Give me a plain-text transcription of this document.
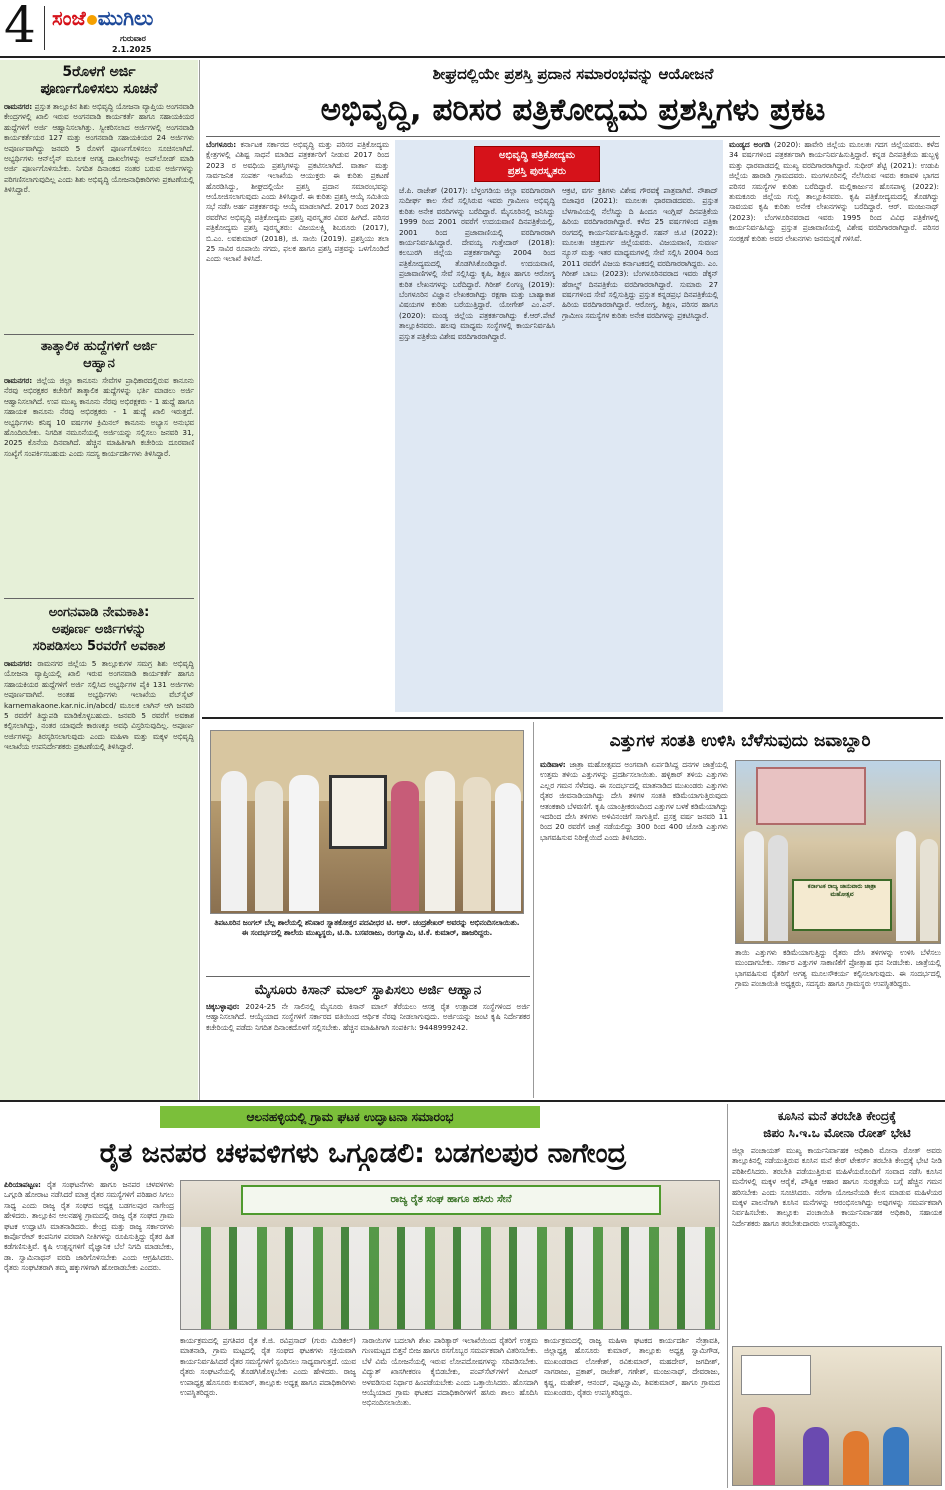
4 ಸಂಜೆ ಮುಗಿಲು
ಗುರುವಾರ
2.1.2025
5ರೊಳಗೆ ಅರ್ಜಿ
ಪೂರ್ಣಗೊಳಿಸಲು ಸೂಚನೆ
ರಾಮನಗರ: ಪ್ರಸ್ತುತ ತಾಲ್ಲೂಕಿನ ಶಿಶು ಅಭಿವೃದ್ಧಿ ಯೋಜನಾ ವ್ಯಾಪ್ತಿಯ ಅಂಗನವಾಡಿ ಕೇಂದ್ರಗಳಲ್ಲಿ ಖಾಲಿ ಇರುವ ಅಂಗನವಾಡಿ ಕಾರ್ಯಕರ್ತೆ ಹಾಗೂ ಸಹಾಯಕಿಯರ ಹುದ್ದೆಗಳಿಗೆ ಅರ್ಜಿ ಆಹ್ವಾನಿಸಲಾಗಿತ್ತು. ಸ್ವೀಕರಿಸಲಾದ ಅರ್ಜಿಗಳಲ್ಲಿ ಅಂಗನವಾಡಿ ಕಾರ್ಯಕರ್ತೆಯರ 127 ಮತ್ತು ಅಂಗನವಾಡಿ ಸಹಾಯಕಿಯರ 24 ಅರ್ಜಿಗಳು ಅಪೂರ್ಣವಾಗಿದ್ದು ಜನವರಿ 5 ರೊಳಗೆ ಪೂರ್ಣಗೊಳಿಸಲು ಸೂಚಿಸಲಾಗಿದೆ. ಅಭ್ಯರ್ಥಿಗಳು ಆನ್‌ಲೈನ್ ಮೂಲಕ ಅಗತ್ಯ ದಾಖಲೆಗಳನ್ನು ಅಪ್‌ಲೋಡ್ ಮಾಡಿ ಅರ್ಜಿ ಪೂರ್ಣಗೊಳಿಸಬೇಕು. ನಿಗದಿತ ದಿನಾಂಕದ ನಂತರ ಬರುವ ಅರ್ಜಿಗಳನ್ನು ಪರಿಗಣಿಸಲಾಗುವುದಿಲ್ಲ ಎಂದು ಶಿಶು ಅಭಿವೃದ್ಧಿ ಯೋಜನಾಧಿಕಾರಿಗಳು ಪ್ರಕಟಣೆಯಲ್ಲಿ ತಿಳಿಸಿದ್ದಾರೆ.
ತಾತ್ಕಾಲಿಕ ಹುದ್ದೆಗಳಿಗೆ ಅರ್ಜಿ
ಆಹ್ವಾನ
ರಾಮನಗರ: ಜಿಲ್ಲೆಯ ಜಿಲ್ಲಾ ಕಾನೂನು ಸೇವೆಗಳ ಪ್ರಾಧಿಕಾರದಲ್ಲಿರುವ ಕಾನೂನು ನೆರವು ಅಭಿರಕ್ಷಕರ ಕಚೇರಿಗೆ ತಾತ್ಕಾಲಿಕ ಹುದ್ದೆಗಳನ್ನು ಭರ್ತಿ ಮಾಡಲು ಅರ್ಜಿ ಆಹ್ವಾನಿಸಲಾಗಿದೆ. ಉಪ ಮುಖ್ಯ ಕಾನೂನು ನೆರವು ಅಭಿರಕ್ಷಕರು - 1 ಹುದ್ದೆ ಹಾಗೂ ಸಹಾಯಕ ಕಾನೂನು ನೆರವು ಅಭಿರಕ್ಷಕರು - 1 ಹುದ್ದೆ ಖಾಲಿ ಇರುತ್ತದೆ. ಅಭ್ಯರ್ಥಿಗಳು ಕನಿಷ್ಠ 10 ವರ್ಷಗಳ ಕ್ರಿಮಿನಲ್ ಕಾನೂನು ಅಭ್ಯಾಸ ಅನುಭವ ಹೊಂದಿರಬೇಕು. ನಿಗದಿತ ನಮೂನೆಯಲ್ಲಿ ಅರ್ಜಿಯನ್ನು ಸಲ್ಲಿಸಲು ಜನವರಿ 31, 2025 ಕೊನೆಯ ದಿನವಾಗಿದೆ. ಹೆಚ್ಚಿನ ಮಾಹಿತಿಗಾಗಿ ಕಚೇರಿಯ ದೂರವಾಣಿ ಸಂಖ್ಯೆಗೆ ಸಂಪರ್ಕಿಸಬಹುದು ಎಂದು ಸದಸ್ಯ ಕಾರ್ಯದರ್ಶಿಗಳು ತಿಳಿಸಿದ್ದಾರೆ.
ಅಂಗನವಾಡಿ ನೇಮಕಾತಿ:
ಅಪೂರ್ಣ ಅರ್ಜಿಗಳನ್ನು
ಸರಿಪಡಿಸಲು 5ರವರೆಗೆ ಅವಕಾಶ
ರಾಮನಗರ: ರಾಮನಗರ ಜಿಲ್ಲೆಯ 5 ತಾಲ್ಲೂಕುಗಳ ಸಮಗ್ರ ಶಿಶು ಅಭಿವೃದ್ಧಿ ಯೋಜನಾ ವ್ಯಾಪ್ತಿಯಲ್ಲಿ ಖಾಲಿ ಇರುವ ಅಂಗನವಾಡಿ ಕಾರ್ಯಕರ್ತೆ ಹಾಗೂ ಸಹಾಯಕಿಯರ ಹುದ್ದೆಗಳಿಗೆ ಅರ್ಜಿ ಸಲ್ಲಿಸಿದ ಅಭ್ಯರ್ಥಿಗಳ ಪೈಕಿ 131 ಅರ್ಜಿಗಳು ಅಪೂರ್ಣವಾಗಿವೆ. ಅಂತಹ ಅಭ್ಯರ್ಥಿಗಳು ಇಲಾಖೆಯ ವೆಬ್‌ಸೈಟ್ karnemakaone.kar.nic.in/abcd/ ಮೂಲಕ ಲಾಗಿನ್ ಆಗಿ ಜನವರಿ 5 ರವರೆಗೆ ತಿದ್ದುಪಡಿ ಮಾಡಿಕೊಳ್ಳಬಹುದು. ಜನವರಿ 5 ರವರೆಗೆ ಅವಕಾಶ ಕಲ್ಪಿಸಲಾಗಿದ್ದು, ನಂತರ ಯಾವುದೇ ಕಾರಣಕ್ಕೂ ಅವಧಿ ವಿಸ್ತರಿಸುವುದಿಲ್ಲ. ಅಪೂರ್ಣ ಅರ್ಜಿಗಳನ್ನು ತಿರಸ್ಕರಿಸಲಾಗುವುದು ಎಂದು ಮಹಿಳಾ ಮತ್ತು ಮಕ್ಕಳ ಅಭಿವೃದ್ಧಿ ಇಲಾಖೆಯ ಉಪನಿರ್ದೇಶಕರು ಪ್ರಕಟಣೆಯಲ್ಲಿ ತಿಳಿಸಿದ್ದಾರೆ.
ಶೀಘ್ರದಲ್ಲಿಯೇ ಪ್ರಶಸ್ತಿ ಪ್ರದಾನ ಸಮಾರಂಭವನ್ನು ಆಯೋಜನೆ
ಅಭಿವೃದ್ಧಿ, ಪರಿಸರ ಪತ್ರಿಕೋದ್ಯಮ ಪ್ರಶಸ್ತಿಗಳು ಪ್ರಕಟ
ಬೆಂಗಳೂರು: ಕರ್ನಾಟಕ ಸರ್ಕಾರದ ಅಭಿವೃದ್ಧಿ ಮತ್ತು ಪರಿಸರ ಪತ್ರಿಕೋದ್ಯಮ ಕ್ಷೇತ್ರಗಳಲ್ಲಿ ವಿಶಿಷ್ಟ ಸಾಧನೆ ಮಾಡಿದ ಪತ್ರಕರ್ತರಿಗೆ ನೀಡುವ 2017 ರಿಂದ 2023 ರ ಅವಧಿಯ ಪ್ರಶಸ್ತಿಗಳನ್ನು ಪ್ರಕಟಿಸಲಾಗಿದೆ. ವಾರ್ತಾ ಮತ್ತು ಸಾರ್ವಜನಿಕ ಸಂಪರ್ಕ ಇಲಾಖೆಯ ಆಯುಕ್ತರು ಈ ಕುರಿತು ಪ್ರಕಟಣೆ ಹೊರಡಿಸಿದ್ದು, ಶೀಘ್ರದಲ್ಲಿಯೇ ಪ್ರಶಸ್ತಿ ಪ್ರದಾನ ಸಮಾರಂಭವನ್ನು ಆಯೋಜಿಸಲಾಗುವುದು ಎಂದು ತಿಳಿಸಿದ್ದಾರೆ. ಈ ಕುರಿತು ಪ್ರಶಸ್ತಿ ಆಯ್ಕೆ ಸಮಿತಿಯ ಸಭೆ ನಡೆಸಿ ಅರ್ಹ ಪತ್ರಕರ್ತರನ್ನು ಆಯ್ಕೆ ಮಾಡಲಾಗಿದೆ. 2017 ರಿಂದ 2023 ರವರೆಗಿನ ಅಭಿವೃದ್ಧಿ ಪತ್ರಿಕೋದ್ಯಮ ಪ್ರಶಸ್ತಿ ಪುರಸ್ಕೃತರ ವಿವರ ಹೀಗಿದೆ. ಪರಿಸರ ಪತ್ರಿಕೋದ್ಯಮ ಪ್ರಶಸ್ತಿ ಪುರಸ್ಕೃತರು: ವಿಜಯಲಕ್ಷ್ಮಿ ಶಿಬರೂರು (2017), ಬಿ.ಎಂ. ಲವಕುಮಾರ್ (2018), ಜಿ. ಸಾಯಿ (2019). ಪ್ರಶಸ್ತಿಯು ತಲಾ 25 ಸಾವಿರ ರೂಪಾಯಿ ನಗದು, ಫಲಕ ಹಾಗೂ ಪ್ರಶಸ್ತಿ ಪತ್ರವನ್ನು ಒಳಗೊಂಡಿದೆ ಎಂದು ಇಲಾಖೆ ತಿಳಿಸಿದೆ.
ಅಭಿವೃದ್ಧಿ ಪತ್ರಿಕೋದ್ಯಮ
ಪ್ರಶಸ್ತಿ ಪುರಸ್ಕೃತರು
ಜೆ.ಪಿ. ರಾಜೇಶ್ (2017): ಬೆಳ್ತಂಗಡಿಯ ಜಿಲ್ಲಾ ವರದಿಗಾರರಾಗಿ ಸುದೀರ್ಘ ಕಾಲ ಸೇವೆ ಸಲ್ಲಿಸಿರುವ ಇವರು ಗ್ರಾಮೀಣ ಅಭಿವೃದ್ಧಿ ಕುರಿತು ಅನೇಕ ವರದಿಗಳನ್ನು ಬರೆದಿದ್ದಾರೆ. ಮೈಸೂರಿನಲ್ಲಿ ಜನಿಸಿದ್ದು 1999 ರಿಂದ 2001 ರವರೆಗೆ ಉದಯವಾಣಿ ದಿನಪತ್ರಿಕೆಯಲ್ಲಿ, 2001 ರಿಂದ ಪ್ರಜಾವಾಣಿಯಲ್ಲಿ ವರದಿಗಾರರಾಗಿ ಕಾರ್ಯನಿರ್ವಹಿಸಿದ್ದಾರೆ. ದೇವಯ್ಯ ಗುತ್ತೇದಾರ್ (2018): ಕಲಬುರಗಿ ಜಿಲ್ಲೆಯ ಪತ್ರಕರ್ತರಾಗಿದ್ದು 2004 ರಿಂದ ಪತ್ರಿಕೋದ್ಯಮದಲ್ಲಿ ತೊಡಗಿಸಿಕೊಂಡಿದ್ದಾರೆ. ಉದಯವಾಣಿ, ಪ್ರಜಾವಾಣಿಗಳಲ್ಲಿ ಸೇವೆ ಸಲ್ಲಿಸಿದ್ದು ಕೃಷಿ, ಶಿಕ್ಷಣ ಹಾಗೂ ಆರೋಗ್ಯ ಕುರಿತ ಲೇಖನಗಳನ್ನು ಬರೆದಿದ್ದಾರೆ. ಗಿರೀಶ್ ಲಿಂಗಣ್ಣ (2019): ಬೆಂಗಳೂರಿನ ವಿಜ್ಞಾನ ಲೇಖಕರಾಗಿದ್ದು ರಕ್ಷಣಾ ಮತ್ತು ಬಾಹ್ಯಾಕಾಶ ವಿಷಯಗಳ ಕುರಿತು ಬರೆಯುತ್ತಿದ್ದಾರೆ. ಯೋಗೇಶ್ ಎಂ.ಎನ್. (2020): ಮಂಡ್ಯ ಜಿಲ್ಲೆಯ ಪತ್ರಕರ್ತರಾಗಿದ್ದು ಕೆ.ಆರ್.ಪೇಟೆ ತಾಲ್ಲೂಕಿನವರು. ಹಲವು ಮಾಧ್ಯಮ ಸಂಸ್ಥೆಗಳಲ್ಲಿ ಕಾರ್ಯನಿರ್ವಹಿಸಿ ಪ್ರಸ್ತುತ ಪತ್ರಿಕೆಯ ವಿಶೇಷ ವರದಿಗಾರರಾಗಿದ್ದಾರೆ.
ಆಕ್ರಟಿ, ವರ್ಗ ಕ್ರತಿಗಳು ವಿಶೇಷ ಗೌರವಕ್ಕೆ ಪಾತ್ರವಾಗಿವೆ. ನೌಶಾದ್ ಬಿಜಾಪುರ (2021): ಮೂಲತಃ ಧಾರವಾಡದವರು. ಪ್ರಸ್ತುತ ಬೆಳಗಾವಿಯಲ್ಲಿ ನೆಲೆಸಿದ್ದು ದಿ ಹಿಂದೂ ಇಂಗ್ಲಿಷ್ ದಿನಪತ್ರಿಕೆಯ ಹಿರಿಯ ವರದಿಗಾರರಾಗಿದ್ದಾರೆ. ಕಳೆದ 25 ವರ್ಷಗಳಿಂದ ಪತ್ರಿಕಾ ರಂಗದಲ್ಲಿ ಕಾರ್ಯನಿರ್ವಹಿಸುತ್ತಿದ್ದಾರೆ. ಸಹನ್ ಜಿ.ಟಿ (2022): ಮೂಲತಃ ಚಿತ್ರದುರ್ಗ ಜಿಲ್ಲೆಯವರು. ವಿಜಯವಾಣಿ, ಸುವರ್ಣ ನ್ಯೂಸ್ ಮತ್ತು ಇತರ ಮಾಧ್ಯಮಗಳಲ್ಲಿ ಸೇವೆ ಸಲ್ಲಿಸಿ 2004 ರಿಂದ 2011 ರವರೆಗೆ ವಿಜಯ ಕರ್ನಾಟಕದಲ್ಲಿ ವರದಿಗಾರರಾಗಿದ್ದರು. ಎಂ. ಗಿರೀಶ್ ಬಾಬು (2023): ಬೆಂಗಳೂರಿನವರಾದ ಇವರು ಡೆಕ್ಕನ್ ಹೆರಾಲ್ಡ್ ದಿನಪತ್ರಿಕೆಯ ವರದಿಗಾರರಾಗಿದ್ದಾರೆ. ಸುಮಾರು 27 ವರ್ಷಗಳಿಂದ ಸೇವೆ ಸಲ್ಲಿಸುತ್ತಿದ್ದು ಪ್ರಸ್ತುತ ಕನ್ನಡಪ್ರಭ ದಿನಪತ್ರಿಕೆಯಲ್ಲಿ ಹಿರಿಯ ವರದಿಗಾರರಾಗಿದ್ದಾರೆ. ಆರೋಗ್ಯ, ಶಿಕ್ಷಣ, ಪರಿಸರ ಹಾಗೂ ಗ್ರಾಮೀಣ ಸಮಸ್ಯೆಗಳ ಕುರಿತು ಅನೇಕ ವರದಿಗಳನ್ನು ಪ್ರಕಟಿಸಿದ್ದಾರೆ.
ಮಂಡ್ಯದ ಅಂಗಡಿ (2020): ಹಾವೇರಿ ಜಿಲ್ಲೆಯ ಮೂಲತಃ ಗದಗ ಜಿಲ್ಲೆಯವರು. ಕಳೆದ 34 ವರ್ಷಗಳಿಂದ ಪತ್ರಕರ್ತರಾಗಿ ಕಾರ್ಯನಿರ್ವಹಿಸುತ್ತಿದ್ದಾರೆ. ಕನ್ನಡ ದಿನಪತ್ರಿಕೆಯ ಹುಬ್ಬಳ್ಳಿ ಮತ್ತು ಧಾರವಾಡದಲ್ಲಿ ಮುಖ್ಯ ವರದಿಗಾರರಾಗಿದ್ದಾರೆ. ಸುಧೀರ್ ಶೆಟ್ಟಿ (2021): ಉಡುಪಿ ಜಿಲ್ಲೆಯ ಹಾರಾಡಿ ಗ್ರಾಮದವರು. ಮಂಗಳೂರಿನಲ್ಲಿ ನೆಲೆಸಿರುವ ಇವರು ಕರಾವಳಿ ಭಾಗದ ಪರಿಸರ ಸಮಸ್ಯೆಗಳ ಕುರಿತು ಬರೆದಿದ್ದಾರೆ. ಮಲ್ಲಿಕಾರ್ಜುನ ಹೊಸಪಾಳ್ಯ (2022): ತುಮಕೂರು ಜಿಲ್ಲೆಯ ಗುಬ್ಬಿ ತಾಲ್ಲೂಕಿನವರು. ಕೃಷಿ ಪತ್ರಿಕೋದ್ಯಮದಲ್ಲಿ ತೊಡಗಿದ್ದು ಸಾವಯವ ಕೃಷಿ ಕುರಿತು ಅನೇಕ ಲೇಖನಗಳನ್ನು ಬರೆದಿದ್ದಾರೆ. ಆರ್. ಮಂಜುನಾಥ್ (2023): ಬೆಂಗಳೂರಿನವರಾದ ಇವರು 1995 ರಿಂದ ವಿವಿಧ ಪತ್ರಿಕೆಗಳಲ್ಲಿ ಕಾರ್ಯನಿರ್ವಹಿಸಿದ್ದು ಪ್ರಸ್ತುತ ಪ್ರಜಾವಾಣಿಯಲ್ಲಿ ವಿಶೇಷ ವರದಿಗಾರರಾಗಿದ್ದಾರೆ. ಪರಿಸರ ಸಂರಕ್ಷಣೆ ಕುರಿತು ಅವರ ಲೇಖನಗಳು ಜನಮನ್ನಣೆ ಗಳಿಸಿವೆ.
ತಿಪಟೂರಿನ ಜಂಗಲ್ ಬೆಲ್ಲ ಶಾಲೆಯಲ್ಲಿ ಶನಿವಾರ ಸ್ನಾತಕೋತ್ತರ ಪದವೀಧರ ಟಿ. ಆರ್. ಚಂದ್ರಶೇಖರ್ ಅವರನ್ನು ಅಭಿನಂದಿಸಲಾಯಿತು.
ಈ ಸಂದರ್ಭದಲ್ಲಿ ಶಾಲೆಯ ಮುಖ್ಯಸ್ಥರು, ಟಿ.ಡಿ. ಬಸವರಾಜು, ರಂಗಸ್ವಾಮಿ, ಟಿ.ಕೆ. ಕುಮಾರ್, ಹಾಜರಿದ್ದರು.
ಮೈಸೂರು ಕಿಸಾನ್ ಮಾಲ್ ಸ್ಥಾಪಿಸಲು ಅರ್ಜಿ ಆಹ್ವಾನ
ಚಿಕ್ಕಬಳ್ಳಾಪುರ: 2024-25 ನೇ ಸಾಲಿನಲ್ಲಿ ಮೈಸೂರು ಕಿಸಾನ್ ಮಾಲ್ ತೆರೆಯಲು ಆಸಕ್ತ ರೈತ ಉತ್ಪಾದಕ ಸಂಸ್ಥೆಗಳಿಂದ ಅರ್ಜಿ ಆಹ್ವಾನಿಸಲಾಗಿದೆ. ಆಯ್ಕೆಯಾದ ಸಂಸ್ಥೆಗಳಿಗೆ ಸರ್ಕಾರದ ವತಿಯಿಂದ ಆರ್ಥಿಕ ನೆರವು ನೀಡಲಾಗುವುದು. ಅರ್ಜಿಯನ್ನು ಜಂಟಿ ಕೃಷಿ ನಿರ್ದೇಶಕರ ಕಚೇರಿಯಲ್ಲಿ ಪಡೆದು ನಿಗದಿತ ದಿನಾಂಕದೊಳಗೆ ಸಲ್ಲಿಸಬೇಕು. ಹೆಚ್ಚಿನ ಮಾಹಿತಿಗಾಗಿ ಸಂಪರ್ಕಿಸಿ: 9448999242.
ಎತ್ತುಗಳ ಸಂತತಿ ಉಳಿಸಿ ಬೆಳೆಸುವುದು ಜವಾಬ್ದಾರಿ
ಮಡಿವಾಳ: ಜಾತ್ರಾ ಮಹೋತ್ಸವದ ಅಂಗವಾಗಿ ಏರ್ಪಡಿಸಿದ್ದ ದನಗಳ ಜಾತ್ರೆಯಲ್ಲಿ ಉತ್ತಮ ತಳಿಯ ಎತ್ತುಗಳನ್ನು ಪ್ರದರ್ಶಿಸಲಾಯಿತು. ಹಳ್ಳಿಕಾರ್ ತಳಿಯ ಎತ್ತುಗಳು ಎಲ್ಲರ ಗಮನ ಸೆಳೆದವು. ಈ ಸಂದರ್ಭದಲ್ಲಿ ಮಾತನಾಡಿದ ಮುಖಂಡರು ಎತ್ತುಗಳು ರೈತರ ಜೀವನಾಡಿಯಾಗಿದ್ದು ದೇಸಿ ತಳಿಗಳ ಸಂತತಿ ಕಡಿಮೆಯಾಗುತ್ತಿರುವುದು ಆತಂಕಕಾರಿ ಬೆಳವಣಿಗೆ. ಕೃಷಿ ಯಾಂತ್ರೀಕರಣದಿಂದ ಎತ್ತುಗಳ ಬಳಕೆ ಕಡಿಮೆಯಾಗಿದ್ದು ಇದರಿಂದ ದೇಸಿ ತಳಿಗಳು ಅಳಿವಿನಂಚಿಗೆ ಸಾಗುತ್ತಿವೆ. ಪ್ರಸಕ್ತ ವರ್ಷ ಜನವರಿ 11 ರಿಂದ 20 ರವರೆಗೆ ಜಾತ್ರೆ ನಡೆಯಲಿದ್ದು 300 ರಿಂದ 400 ಜೋಡಿ ಎತ್ತುಗಳು ಭಾಗವಹಿಸುವ ನಿರೀಕ್ಷೆಯಿದೆ ಎಂದು ತಿಳಿಸಿದರು.
ಕರ್ನಾಟಕ ರಾಜ್ಯ ಜಾನುವಾರು ಜಾತ್ರಾ ಮಹೋತ್ಸವ
ತಾಯಿ ಎತ್ತುಗಳು ಕಡಿಮೆಯಾಗುತ್ತಿದ್ದು ರೈತರು ದೇಸಿ ತಳಿಗಳನ್ನು ಉಳಿಸಿ ಬೆಳೆಸಲು ಮುಂದಾಗಬೇಕು. ಸರ್ಕಾರ ಎತ್ತುಗಳ ಸಾಕಾಣಿಕೆಗೆ ಪ್ರೋತ್ಸಾಹ ಧನ ನೀಡಬೇಕು. ಜಾತ್ರೆಯಲ್ಲಿ ಭಾಗವಹಿಸುವ ರೈತರಿಗೆ ಅಗತ್ಯ ಮೂಲಸೌಕರ್ಯ ಕಲ್ಪಿಸಲಾಗುವುದು. ಈ ಸಂದರ್ಭದಲ್ಲಿ ಗ್ರಾಮ ಪಂಚಾಯಿತಿ ಅಧ್ಯಕ್ಷರು, ಸದಸ್ಯರು ಹಾಗೂ ಗ್ರಾಮಸ್ಥರು ಉಪಸ್ಥಿತರಿದ್ದರು.
ಆಲನಹಳ್ಳಿಯಲ್ಲಿ ಗ್ರಾಮ ಘಟಕ ಉದ್ಘಾಟನಾ ಸಮಾರಂಭ
ರೈತ ಜನಪರ ಚಳವಳಿಗಳು ಒಗ್ಗೂಡಲಿ: ಬಡಗಲಪುರ ನಾಗೇಂದ್ರ
ಪಿರಿಯಾಪಟ್ಟಣ: ರೈತ ಸಂಘಟನೆಗಳು ಹಾಗೂ ಜನಪರ ಚಳವಳಿಗಳು ಒಗ್ಗೂಡಿ ಹೋರಾಟ ನಡೆಸಿದರೆ ಮಾತ್ರ ರೈತರ ಸಮಸ್ಯೆಗಳಿಗೆ ಪರಿಹಾರ ಸಿಗಲು ಸಾಧ್ಯ ಎಂದು ರಾಜ್ಯ ರೈತ ಸಂಘದ ಅಧ್ಯಕ್ಷ ಬಡಗಲಪುರ ನಾಗೇಂದ್ರ ಹೇಳಿದರು. ತಾಲ್ಲೂಕಿನ ಆಲನಹಳ್ಳಿ ಗ್ರಾಮದಲ್ಲಿ ರಾಜ್ಯ ರೈತ ಸಂಘದ ಗ್ರಾಮ ಘಟಕ ಉದ್ಘಾಟಿಸಿ ಮಾತನಾಡಿದರು. ಕೇಂದ್ರ ಮತ್ತು ರಾಜ್ಯ ಸರ್ಕಾರಗಳು ಕಾರ್ಪೊರೇಟ್ ಕಂಪನಿಗಳ ಪರವಾಗಿ ನೀತಿಗಳನ್ನು ರೂಪಿಸುತ್ತಿದ್ದು ರೈತರ ಹಿತ ಕಡೆಗಣಿಸುತ್ತಿವೆ. ಕೃಷಿ ಉತ್ಪನ್ನಗಳಿಗೆ ವೈಜ್ಞಾನಿಕ ಬೆಲೆ ನಿಗದಿ ಮಾಡಬೇಕು, ಡಾ. ಸ್ವಾಮಿನಾಥನ್ ವರದಿ ಜಾರಿಗೊಳಿಸಬೇಕು ಎಂದು ಆಗ್ರಹಿಸಿದರು. ರೈತರು ಸಂಘಟಿತರಾಗಿ ತಮ್ಮ ಹಕ್ಕುಗಳಿಗಾಗಿ ಹೋರಾಡಬೇಕು ಎಂದರು.
ರಾಜ್ಯ ರೈತ ಸಂಘ ಹಾಗೂ ಹಸಿರು ಸೇನೆ
ಕಾರ್ಯಕ್ರಮದಲ್ಲಿ ಪ್ರಗತಿಪರ ರೈತ ಕೆ.ಜಿ. ರವಿಪ್ರಸಾದ್ (ಗುರು ಮಿಡಿಕಲ್) ಮಾತನಾಡಿ, ಗ್ರಾಮ ಮಟ್ಟದಲ್ಲಿ ರೈತ ಸಂಘದ ಘಟಕಗಳು ಸಕ್ರಿಯವಾಗಿ ಕಾರ್ಯನಿರ್ವಹಿಸಿದರೆ ರೈತರ ಸಮಸ್ಯೆಗಳಿಗೆ ಸ್ಪಂದಿಸಲು ಸಾಧ್ಯವಾಗುತ್ತದೆ. ಯುವ ರೈತರು ಸಂಘಟನೆಯಲ್ಲಿ ತೊಡಗಿಸಿಕೊಳ್ಳಬೇಕು ಎಂದು ಹೇಳಿದರು. ರಾಜ್ಯ ಉಪಾಧ್ಯಕ್ಷ ಹೊಸೂರು ಕುಮಾರ್, ತಾಲ್ಲೂಕು ಅಧ್ಯಕ್ಷ ಹಾಗೂ ಪದಾಧಿಕಾರಿಗಳು ಉಪಸ್ಥಿತರಿದ್ದರು.
ಸಾರಾಯಿಗಳ ಬದಲಾಗಿ ಶೇಖ ಪಾರಿತ್ಯಾರ್ ಇಲಾಖೆಯಿಂದ ರೈತರಿಗೆ ಉತ್ತಮ ಗುಣಮಟ್ಟದ ಬಿತ್ತನೆ ಬೀಜ ಹಾಗೂ ರಸಗೊಬ್ಬರ ಸಮರ್ಪಕವಾಗಿ ವಿತರಿಸಬೇಕು. ಬೆಳೆ ವಿಮೆ ಯೋಜನೆಯಲ್ಲಿ ಇರುವ ಲೋಪದೋಷಗಳನ್ನು ಸರಿಪಡಿಸಬೇಕು. ವಿದ್ಯುತ್ ಖಾಸಗೀಕರಣ ಕೈಬಿಡಬೇಕು, ಪಂಪ್‌ಸೆಟ್‌ಗಳಿಗೆ ಮೀಟರ್ ಅಳವಡಿಸುವ ನಿರ್ಧಾರ ಹಿಂಪಡೆಯಬೇಕು ಎಂದು ಒತ್ತಾಯಿಸಿದರು. ಹೊಸದಾಗಿ ಆಯ್ಕೆಯಾದ ಗ್ರಾಮ ಘಟಕದ ಪದಾಧಿಕಾರಿಗಳಿಗೆ ಹಸಿರು ಶಾಲು ಹೊದಿಸಿ ಅಭಿನಂದಿಸಲಾಯಿತು.
ಕಾರ್ಯಕ್ರಮದಲ್ಲಿ ರಾಜ್ಯ ಮಹಿಳಾ ಘಟಕದ ಕಾರ್ಯದರ್ಶಿ ನೇತ್ರಾವತಿ, ಜಿಲ್ಲಾಧ್ಯಕ್ಷ ಹೊಸೂರು ಕುಮಾರ್, ತಾಲ್ಲೂಕು ಅಧ್ಯಕ್ಷ ಸ್ವಾಮಿಗೌಡ, ಮುಖಂಡರಾದ ಲೋಕೇಶ್, ರವಿಕುಮಾರ್, ಮಹದೇವ್, ಜಗದೀಶ್, ನಾಗರಾಜು, ಪ್ರಕಾಶ್, ರಾಜೇಶ್, ಗಣೇಶ್, ಮಂಜುನಾಥ್, ದೇವರಾಜು, ಕೃಷ್ಣ, ಮಹೇಶ್, ಆನಂದ್, ಪುಟ್ಟಸ್ವಾಮಿ, ಶಿವಕುಮಾರ್, ಹಾಗೂ ಗ್ರಾಮದ ಮುಖಂಡರು, ರೈತರು ಉಪಸ್ಥಿತರಿದ್ದರು.
ಕೂಸಿನ ಮನೆ ತರಬೇತಿ ಕೇಂದ್ರಕ್ಕೆ
ಜಿಪಂ ಸಿ.ಇ.ಒ ಮೋನಾ ರೋತ್ ಭೇಟಿ
ಜಿಲ್ಲಾ ಪಂಚಾಯತ್ ಮುಖ್ಯ ಕಾರ್ಯನಿರ್ವಾಹಕ ಅಧಿಕಾರಿ ಮೋನಾ ರೋತ್ ಅವರು ತಾಲ್ಲೂಕಿನಲ್ಲಿ ನಡೆಯುತ್ತಿರುವ ಕೂಸಿನ ಮನೆ ಕೇರ್ ಟೇಕರ್ಸ್ ತರಬೇತಿ ಕೇಂದ್ರಕ್ಕೆ ಭೇಟಿ ನೀಡಿ ಪರಿಶೀಲಿಸಿದರು. ತರಬೇತಿ ಪಡೆಯುತ್ತಿರುವ ಮಹಿಳೆಯರೊಂದಿಗೆ ಸಂವಾದ ನಡೆಸಿ ಕೂಸಿನ ಮನೆಗಳಲ್ಲಿ ಮಕ್ಕಳ ಆರೈಕೆ, ಪೌಷ್ಟಿಕ ಆಹಾರ ಹಾಗೂ ಸುರಕ್ಷತೆಯ ಬಗ್ಗೆ ಹೆಚ್ಚಿನ ಗಮನ ಹರಿಸಬೇಕು ಎಂದು ಸೂಚಿಸಿದರು. ನರೇಗಾ ಯೋಜನೆಯಡಿ ಕೆಲಸ ಮಾಡುವ ಮಹಿಳೆಯರ ಮಕ್ಕಳ ಪಾಲನೆಗಾಗಿ ಕೂಸಿನ ಮನೆಗಳನ್ನು ಆರಂಭಿಸಲಾಗಿದ್ದು ಅವುಗಳನ್ನು ಸಮರ್ಪಕವಾಗಿ ನಿರ್ವಹಿಸಬೇಕು. ತಾಲ್ಲೂಕು ಪಂಚಾಯಿತಿ ಕಾರ್ಯನಿರ್ವಾಹಕ ಅಧಿಕಾರಿ, ಸಹಾಯಕ ನಿರ್ದೇಶಕರು ಹಾಗೂ ತರಬೇತುದಾರರು ಉಪಸ್ಥಿತರಿದ್ದರು.
